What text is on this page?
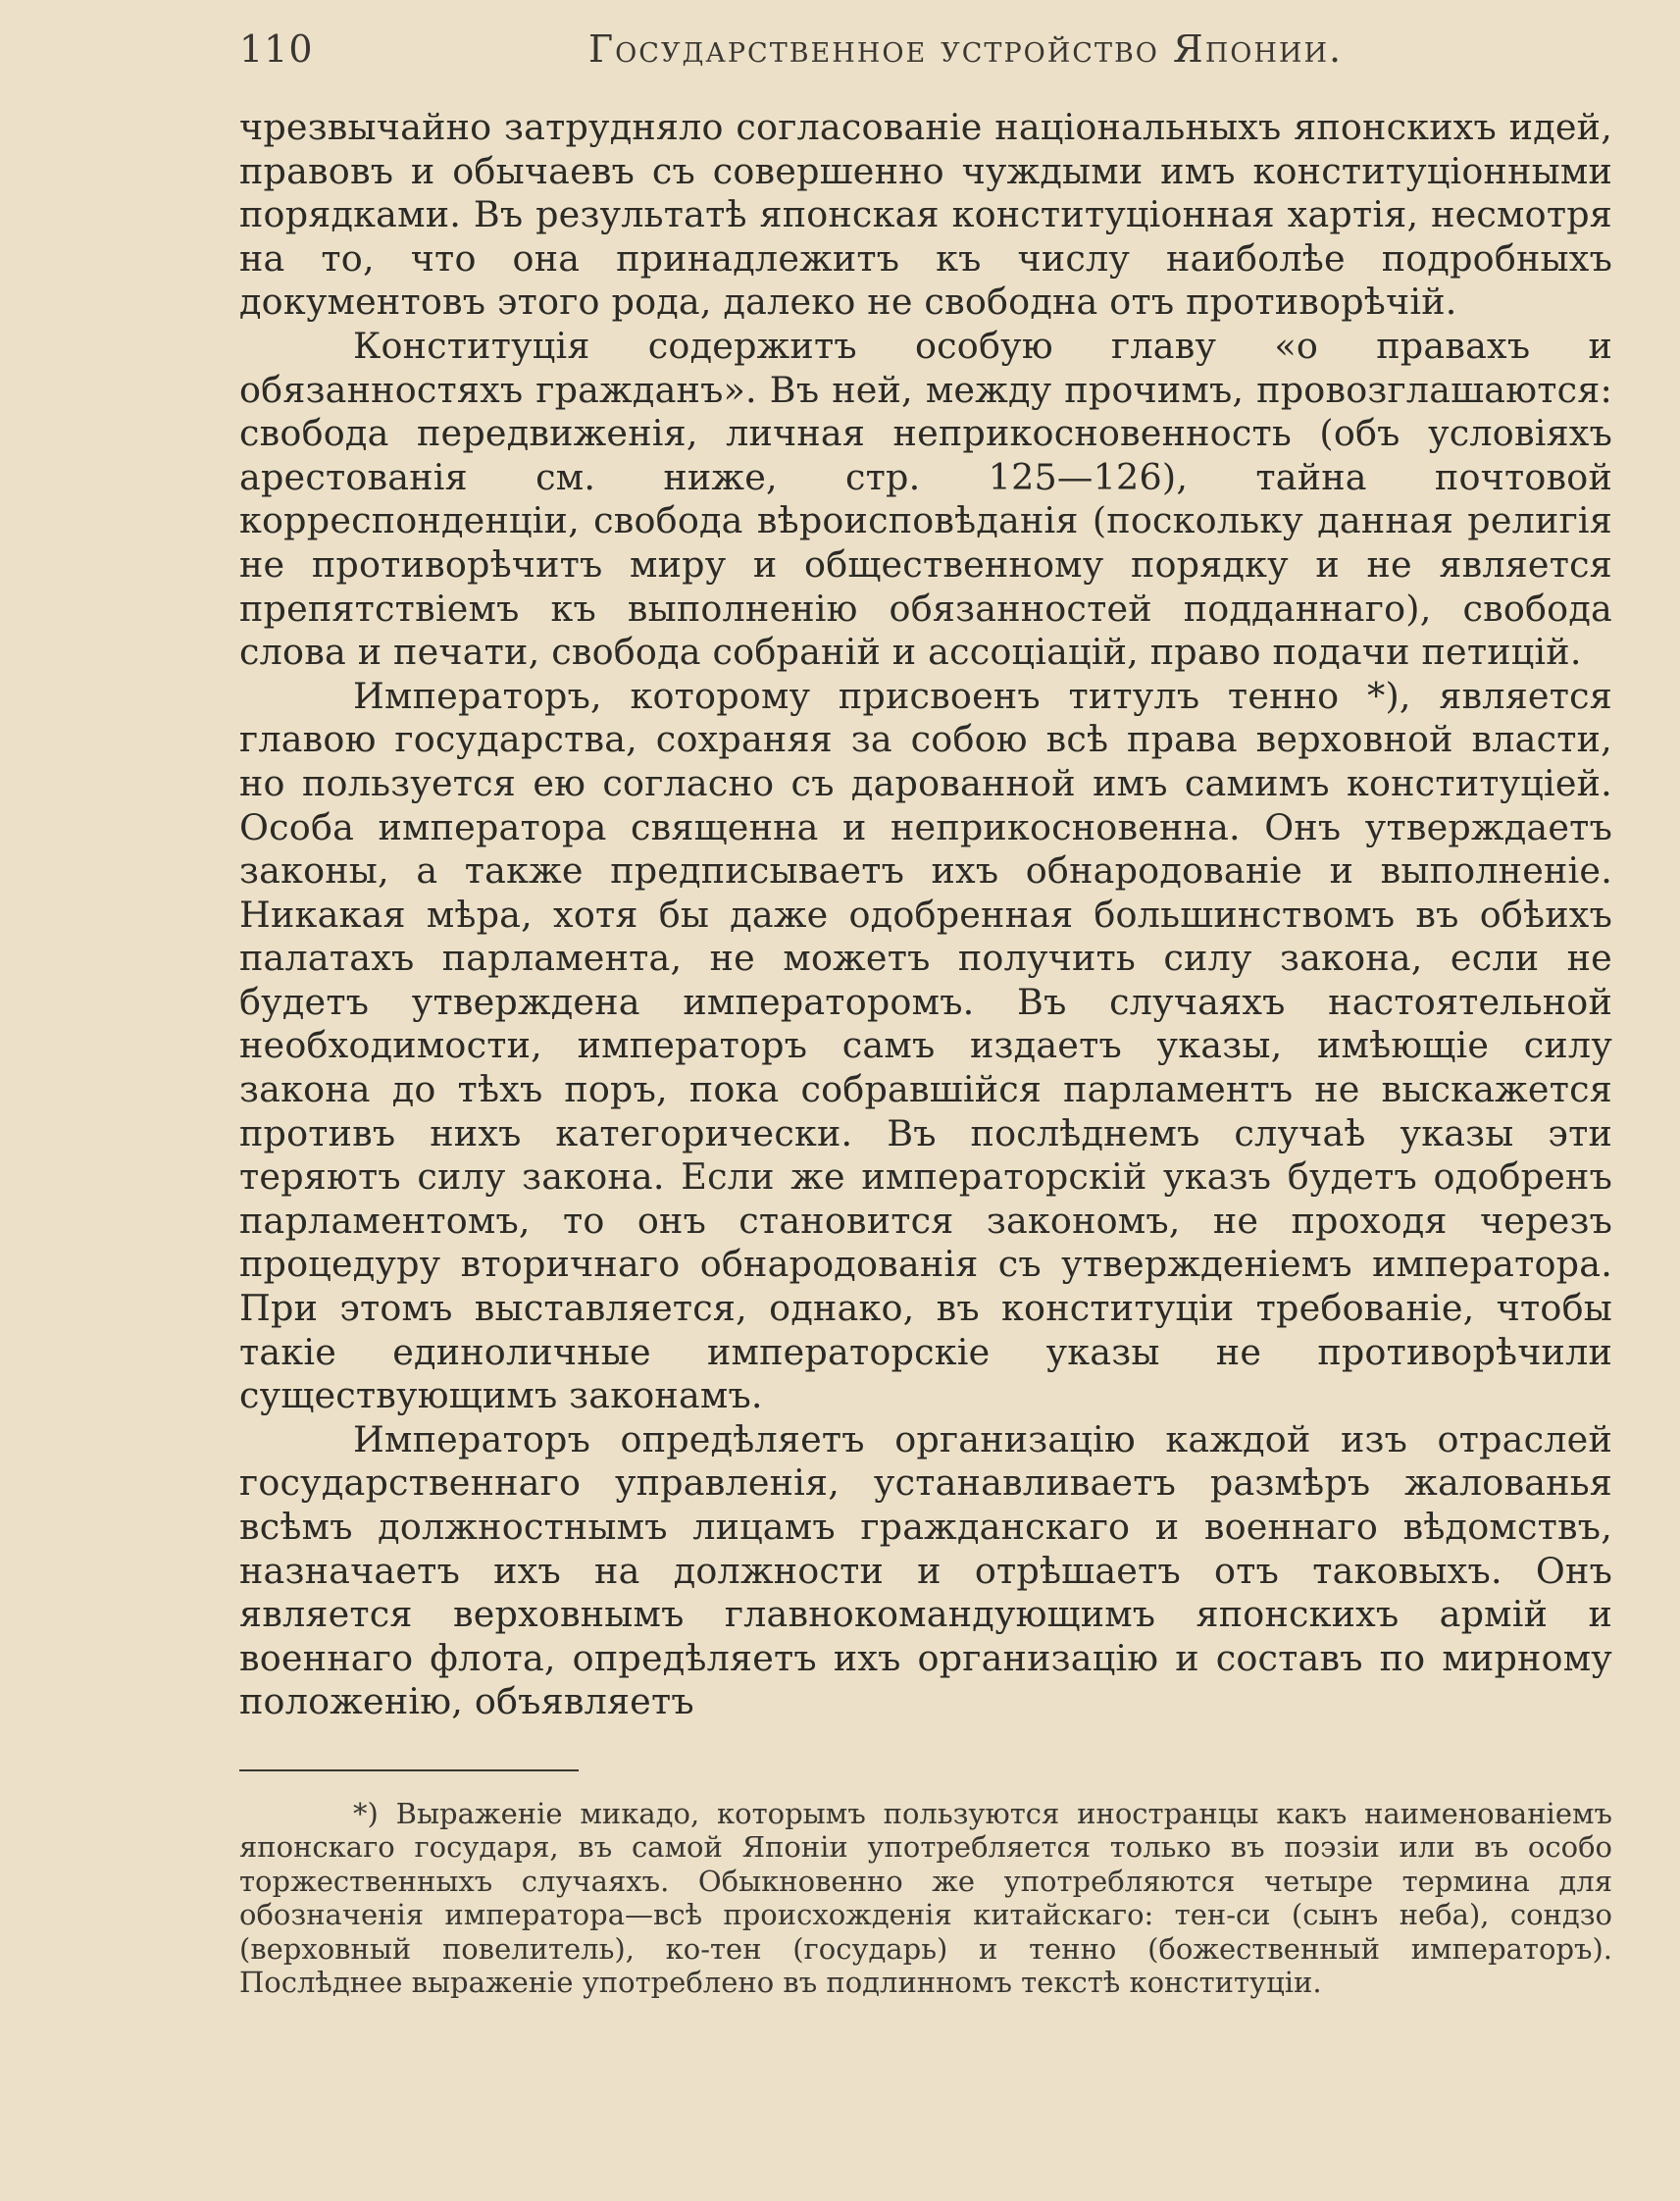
110	Государственное устройство Японии.

чрезвычайно затрудняло согласованіе національныхъ японскихъ идей, правовъ и обычаевъ съ совершенно чуждыми имъ конституціонными порядками. Въ результатѣ японская конституціонная хартія, несмотря на то, что она принадлежитъ къ числу наиболѣе подробныхъ документовъ этого рода, далеко не свободна отъ противорѣчій.

Конституція содержитъ особую главу «о правахъ и обязанностяхъ гражданъ». Въ ней, между прочимъ, провозглашаются: свобода передвиженія, личная неприкосновенность (объ условіяхъ арестованія см. ниже, стр. 125—126), тайна почтовой корреспонденціи, свобода вѣроисповѣданія (поскольку данная религія не противорѣчитъ миру и общественному порядку и не является препятствіемъ къ выполненію обязанностей подданнаго), свобода слова и печати, свобода собраній и ассоціацій, право подачи петицій.

Императоръ, которому присвоенъ титулъ тенно *), является главою государства, сохраняя за собою всѣ права верховной власти, но пользуется ею согласно съ дарованной имъ самимъ конституціей. Особа императора священна и неприкосновенна. Онъ утверждаетъ законы, а также предписываетъ ихъ обнародованіе и выполненіе. Никакая мѣра, хотя бы даже одобренная большинствомъ въ обѣихъ палатахъ парламента, не можетъ получить силу закона, если не будетъ утверждена императоромъ. Въ случаяхъ настоятельной необходимости, императоръ самъ издаетъ указы, имѣющіе силу закона до тѣхъ поръ, пока собравшійся парламентъ не выскажется противъ нихъ категорически. Въ послѣднемъ случаѣ указы эти теряютъ силу закона. Если же императорскій указъ будетъ одобренъ парламентомъ, то онъ становится закономъ, не проходя черезъ процедуру вторичнаго обнародованія съ утвержденіемъ императора. При этомъ выставляется, однако, въ конституціи требованіе, чтобы такіе единоличные императорскіе указы не противорѣчили существующимъ законамъ.

Императоръ опредѣляетъ организацію каждой изъ отраслей государственнаго управленія, устанавливаетъ размѣръ жалованья всѣмъ должностнымъ лицамъ гражданскаго и военнаго вѣдомствъ, назначаетъ ихъ на должности и отрѣшаетъ отъ таковыхъ. Онъ является верховнымъ главнокомандующимъ японскихъ армій и военнаго флота, опредѣляетъ ихъ организацію и составъ по мирному положенію, объявляетъ

*) Выраженіе микадо, которымъ пользуются иностранцы какъ наименованіемъ японскаго государя, въ самой Японіи употребляется только въ поэзіи или въ особо торжественныхъ случаяхъ. Обыкновенно же употребляются четыре термина для обозначенія императора—всѣ происхожденія китайскаго: тен-си (сынъ неба), сондзо (верховный повелитель), ко-тен (государь) и тенно (божественный императоръ). Послѣднее выраженіе употреблено въ подлинномъ текстѣ конституціи.
